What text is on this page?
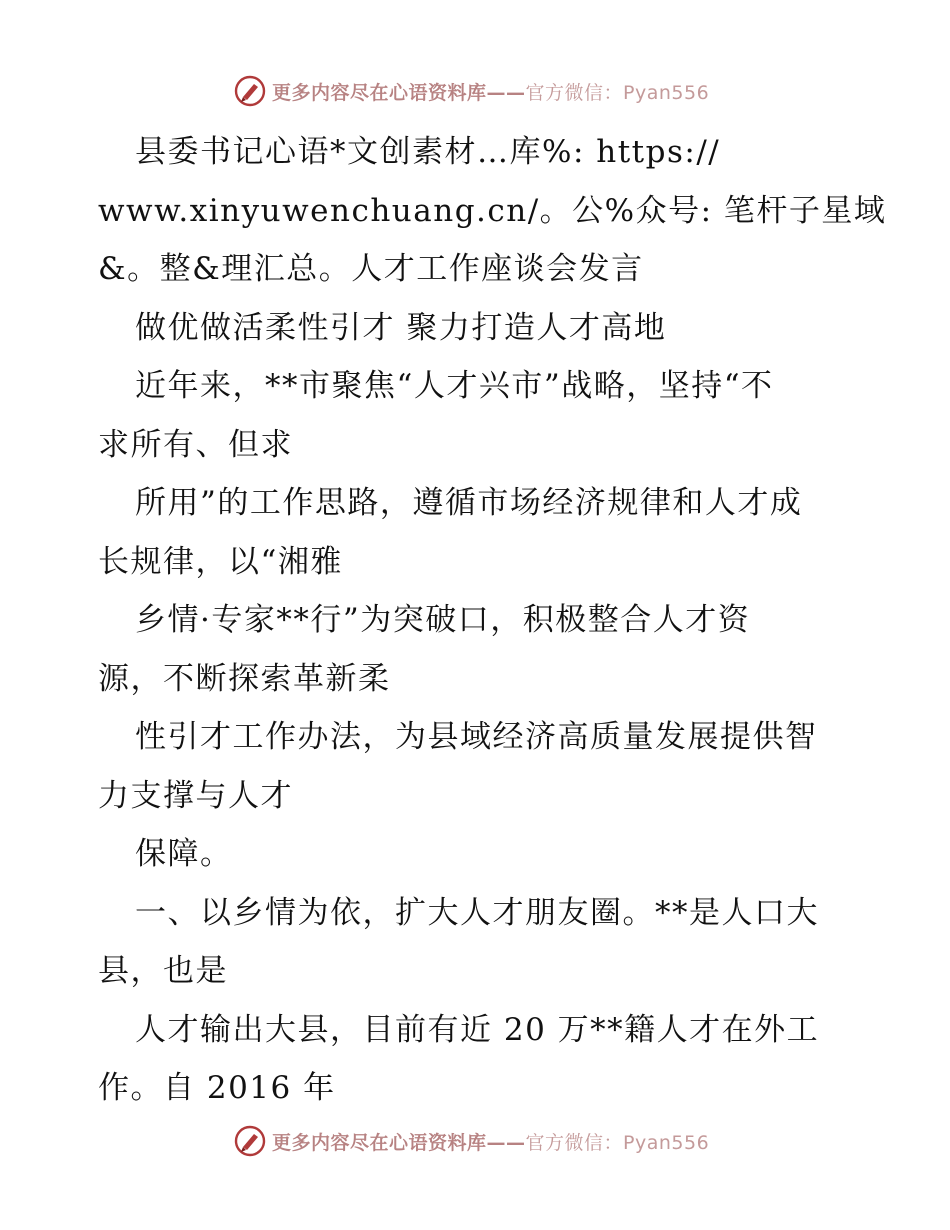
更多内容尽在心语资料库——官方微信：Pyan556
县委书记心语*文创素材…库%: https://
www.xinyuwenchuang.cn/。公%众号: 笔杆子星域
&。整&理汇总。人才工作座谈会发言
做优做活柔性引才 聚力打造人才高地
近年来，**市聚焦“人才兴市”战略，坚持“不
求所有、但求
所用”的工作思路，遵循市场经济规律和人才成
长规律，以“湘雅
乡情·专家**行”为突破口，积极整合人才资
源，不断探索革新柔
性引才工作办法，为县域经济高质量发展提供智
力支撑与人才
保障。
一、以乡情为依，扩大人才朋友圈。**是人口大
县，也是
人才输出大县，目前有近 20 万**籍人才在外工
作。自 2016 年
更多内容尽在心语资料库——官方微信：Pyan556
